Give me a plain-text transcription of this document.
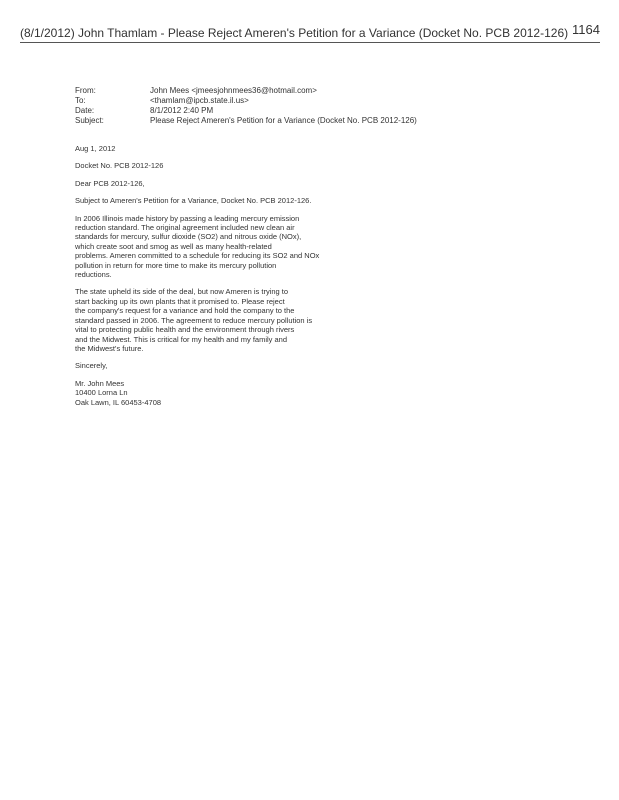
(8/1/2012) John Thamlam - Please Reject Ameren's Petition for a Variance (Docket No. PCB 2012-126) 1164
From:	John Mees <jmeesjohnmees36@hotmail.com>
To:	<thamlam@ipcb.state.il.us>
Date:	8/1/2012 2:40 PM
Subject:	Please Reject Ameren's Petition for a Variance (Docket No. PCB 2012-126)

Aug 1, 2012

Docket No. PCB 2012-126

Dear PCB 2012-126,

Subject to Ameren's Petition for a Variance, Docket No. PCB 2012-126.

In 2006 Illinois made history by passing a leading mercury emission
reduction standard. The original agreement included new clean air
standards for mercury, sulfur dioxide (SO2) and nitrous oxide (NOx),
which create soot and smog as well as many health-related
problems. Ameren committed to a schedule for reducing its SO2 and NOx
pollution in return for more time to make its mercury pollution
reductions.
The state upheld its side of the deal, but now Ameren is trying to
start backing up its own plants that it promised to. Please reject
the company's request for a variance and hold the company to the
standard passed in 2006. The agreement to reduce mercury pollution is
vital to protecting public health and the environment through rivers
and the Midwest. This is critical for my health and my family and
the Midwest's future.

Sincerely,

Mr. John Mees
10400 Lorna Ln
Oak Lawn, IL 60453-4708
